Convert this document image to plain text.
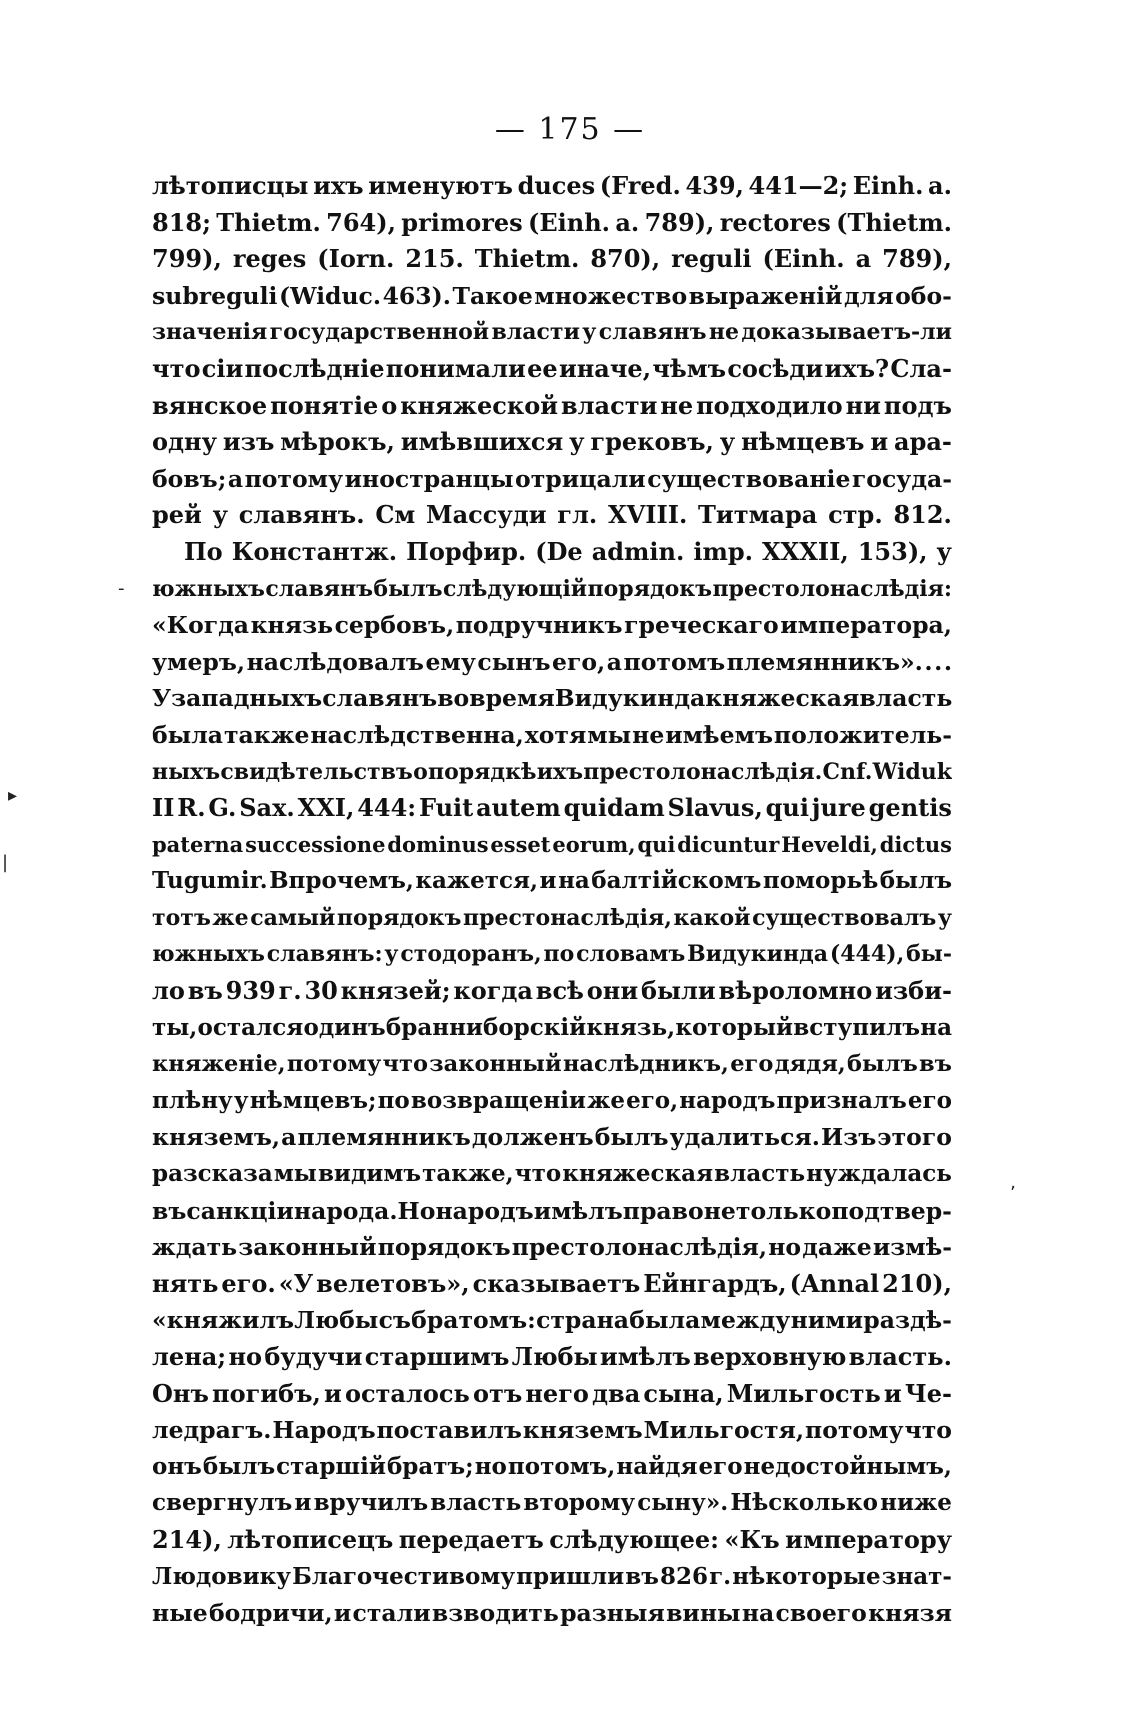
— 175 —
-
▸
|
ʼ
лѣтописцы ихъ именуютъ duces (Fred. 439, 441—2; Einh. a.
818; Thietm. 764), primores (Einh. a. 789), rectores (Thietm.
799), reges (Iorn. 215. Thietm. 870), reguli (Einh. a 789),
subreguli (Widuc. 463). Такое множество выраженій для обо-
значенія государственной власти у славянъ не доказываетъ-ли
что сіи послѣдніе понимали ее иначе, чѣмъ сосѣди ихъ? Сла-
вянское понятіе о княжеской власти не подходило ни подъ
одну изъ мѣрокъ, имѣвшихся у грековъ, у нѣмцевъ и ара-
бовъ; а потому иностранцы отрицали существованіе госуда-
рей у славянъ. См Массуди гл. XVIII. Титмара стр. 812.
По Константж. Порфир. (De admin. imp. XXXII, 153), у
южныхъ славянъ былъ слѣдующій порядокъ престолонаслѣдія:
«Когда князь сербовъ, подручникъ греческаго императора,
умеръ, наслѣдовалъ ему сынъ его, а потомъ племянникъ». . . .
У западныхъ славянъ во время Видукинда княжеская власть
была также наслѣдственна, хотя мы не имѣемъ положитель-
ныхъ свидѣтельствъ о порядкѣ ихъ престолонаслѣдія. Cnf. Widuk
II R. G. Sax. XXI, 444: Fuit autem quidam Slavus, qui jure gentis
paterna successione dominus esset eorum, qui dicuntur Heveldi, dictus
Tugumir. Впрочемъ, кажется, и на балтійскомъ поморьѣ былъ
тотъ же самый порядокъ престонаслѣдія, какой существовалъ у
южныхъ славянъ: у стодоранъ, по словамъ Видукинда (444), бы-
ло въ 939 г. 30 князей; когда всѣ они были вѣроломно изби-
ты, остался одинъ бранниборскій князь, который вступилъ на
княженіе, потому что законный наслѣдникъ, его дядя, былъ въ
плѣну у нѣмцевъ; по возвращеніи же его, народъ призналъ его
княземъ, а племянникъ долженъ былъ удалиться. Изъ этого
разсказа мы видимъ также, что княжеская власть нуждалась
въ санкціи народа. Но народъ имѣлъ право не только подтвер-
ждать законный порядокъ престолонаслѣдія, но даже измѣ-
нять его. «У велетовъ», сказываетъ Ейнгардъ, (Annal 210),
«княжилъ Любы съ братомъ: страна была между ними раздѣ-
лена; но будучи старшимъ Любы имѣлъ верховную власть.
Онъ погибъ, и осталось отъ него два сына, Мильгость и Че-
ледрагъ. Народъ поставилъ княземъ Мильгостя, потому что
онъ былъ старшій братъ; но потомъ, найдя его недостойнымъ,
свергнулъ и вручилъ власть второму сыну». Нѣсколько ниже
214), лѣтописецъ передаетъ слѣдующее: «Къ императору
Людовику Благочестивому пришли въ 826 г. нѣкоторые знат-
ные бодричи, и стали взводить разныя вины на своего князя
